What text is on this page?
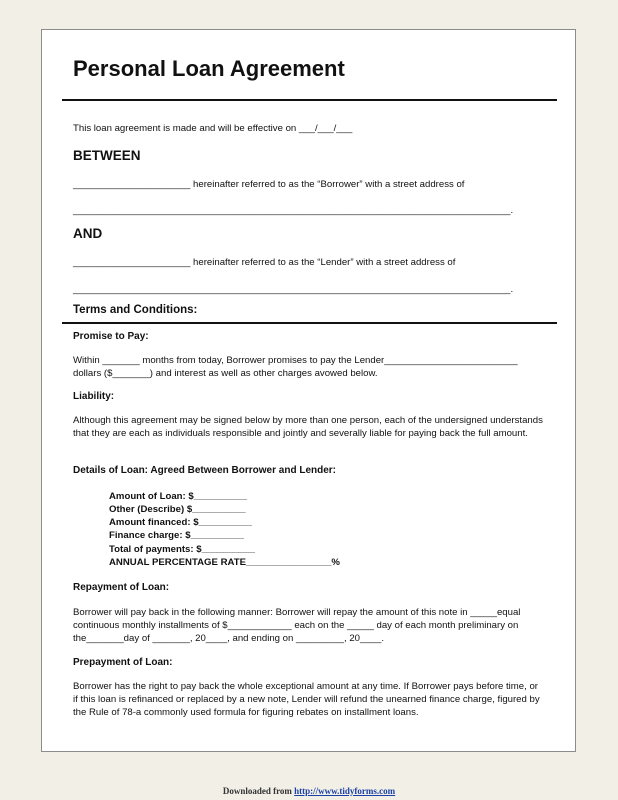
Personal Loan Agreement
This loan agreement is made and will be effective on ___/___/___
BETWEEN
______________________ hereinafter referred to as the “Borrower” with a street address of
__________________________________________________________________________________.
AND
______________________ hereinafter referred to as the “Lender” with a street address of
__________________________________________________________________________________.
Terms and Conditions:
Promise to Pay:
Within _______ months from today, Borrower promises to pay the Lender_________________________
dollars ($_______) and interest as well as other charges avowed below.
Liability:
Although this agreement may be signed below by more than one person, each of the undersigned understands that they are each as individuals responsible and jointly and severally liable for paying back the full amount.
Details of Loan: Agreed Between Borrower and Lender:
Amount of Loan: $__________
Other (Describe) $__________
Amount financed: $__________
Finance charge: $__________
Total of payments: $__________
ANNUAL PERCENTAGE RATE________________%
Repayment of Loan:
Borrower will pay back in the following manner: Borrower will repay the amount of this note in _____equal
continuous monthly installments of $____________ each on the _____ day of each month preliminary on
the_______day of _______, 20____, and ending on _________, 20____.
Prepayment of Loan:
Borrower has the right to pay back the whole exceptional amount at any time. If Borrower pays before time, or if this loan is refinanced or replaced by a new note, Lender will refund the unearned finance charge, figured by the Rule of 78-a commonly used formula for figuring rebates on installment loans.
Downloaded from http://www.tidyforms.com
